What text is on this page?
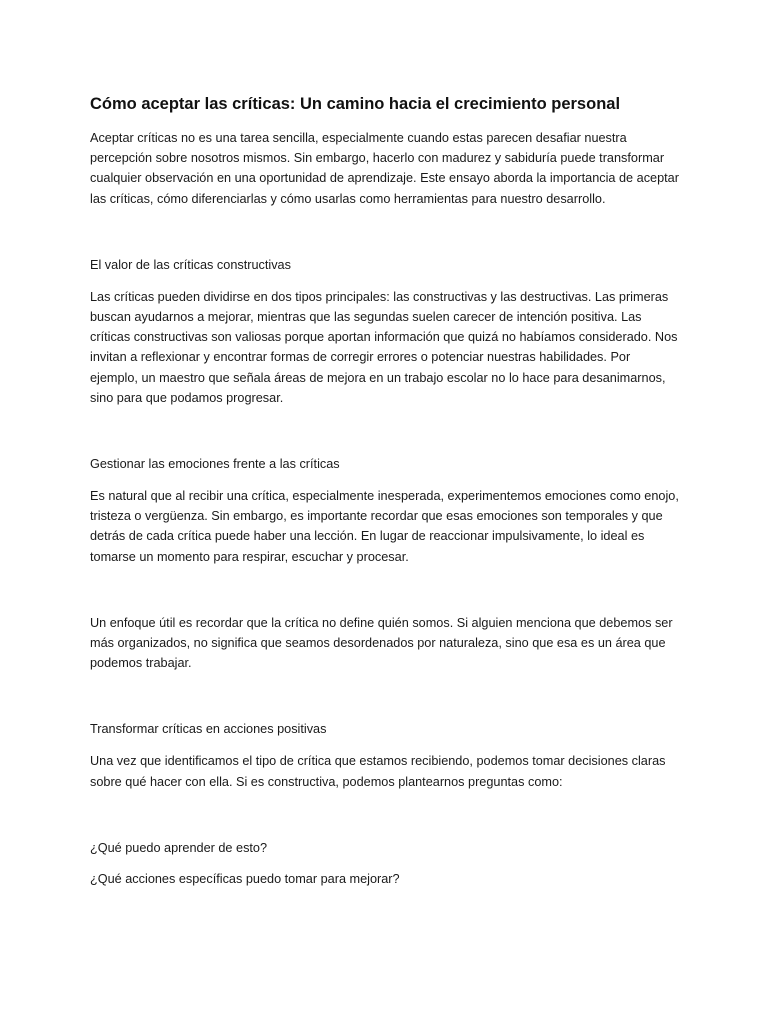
Cómo aceptar las críticas: Un camino hacia el crecimiento personal

Aceptar críticas no es una tarea sencilla, especialmente cuando estas parecen desafiar nuestra percepción sobre nosotros mismos. Sin embargo, hacerlo con madurez y sabiduría puede transformar cualquier observación en una oportunidad de aprendizaje. Este ensayo aborda la importancia de aceptar las críticas, cómo diferenciarlas y cómo usarlas como herramientas para nuestro desarrollo.

El valor de las críticas constructivas

Las críticas pueden dividirse en dos tipos principales: las constructivas y las destructivas. Las primeras buscan ayudarnos a mejorar, mientras que las segundas suelen carecer de intención positiva. Las críticas constructivas son valiosas porque aportan información que quizá no habíamos considerado. Nos invitan a reflexionar y encontrar formas de corregir errores o potenciar nuestras habilidades. Por ejemplo, un maestro que señala áreas de mejora en un trabajo escolar no lo hace para desanimarnos, sino para que podamos progresar.

Gestionar las emociones frente a las críticas

Es natural que al recibir una crítica, especialmente inesperada, experimentemos emociones como enojo, tristeza o vergüenza. Sin embargo, es importante recordar que esas emociones son temporales y que detrás de cada crítica puede haber una lección. En lugar de reaccionar impulsivamente, lo ideal es tomarse un momento para respirar, escuchar y procesar.

Un enfoque útil es recordar que la crítica no define quién somos. Si alguien menciona que debemos ser más organizados, no significa que seamos desordenados por naturaleza, sino que esa es un área que podemos trabajar.

Transformar críticas en acciones positivas

Una vez que identificamos el tipo de crítica que estamos recibiendo, podemos tomar decisiones claras sobre qué hacer con ella. Si es constructiva, podemos plantearnos preguntas como:

¿Qué puedo aprender de esto?

¿Qué acciones específicas puedo tomar para mejorar?
